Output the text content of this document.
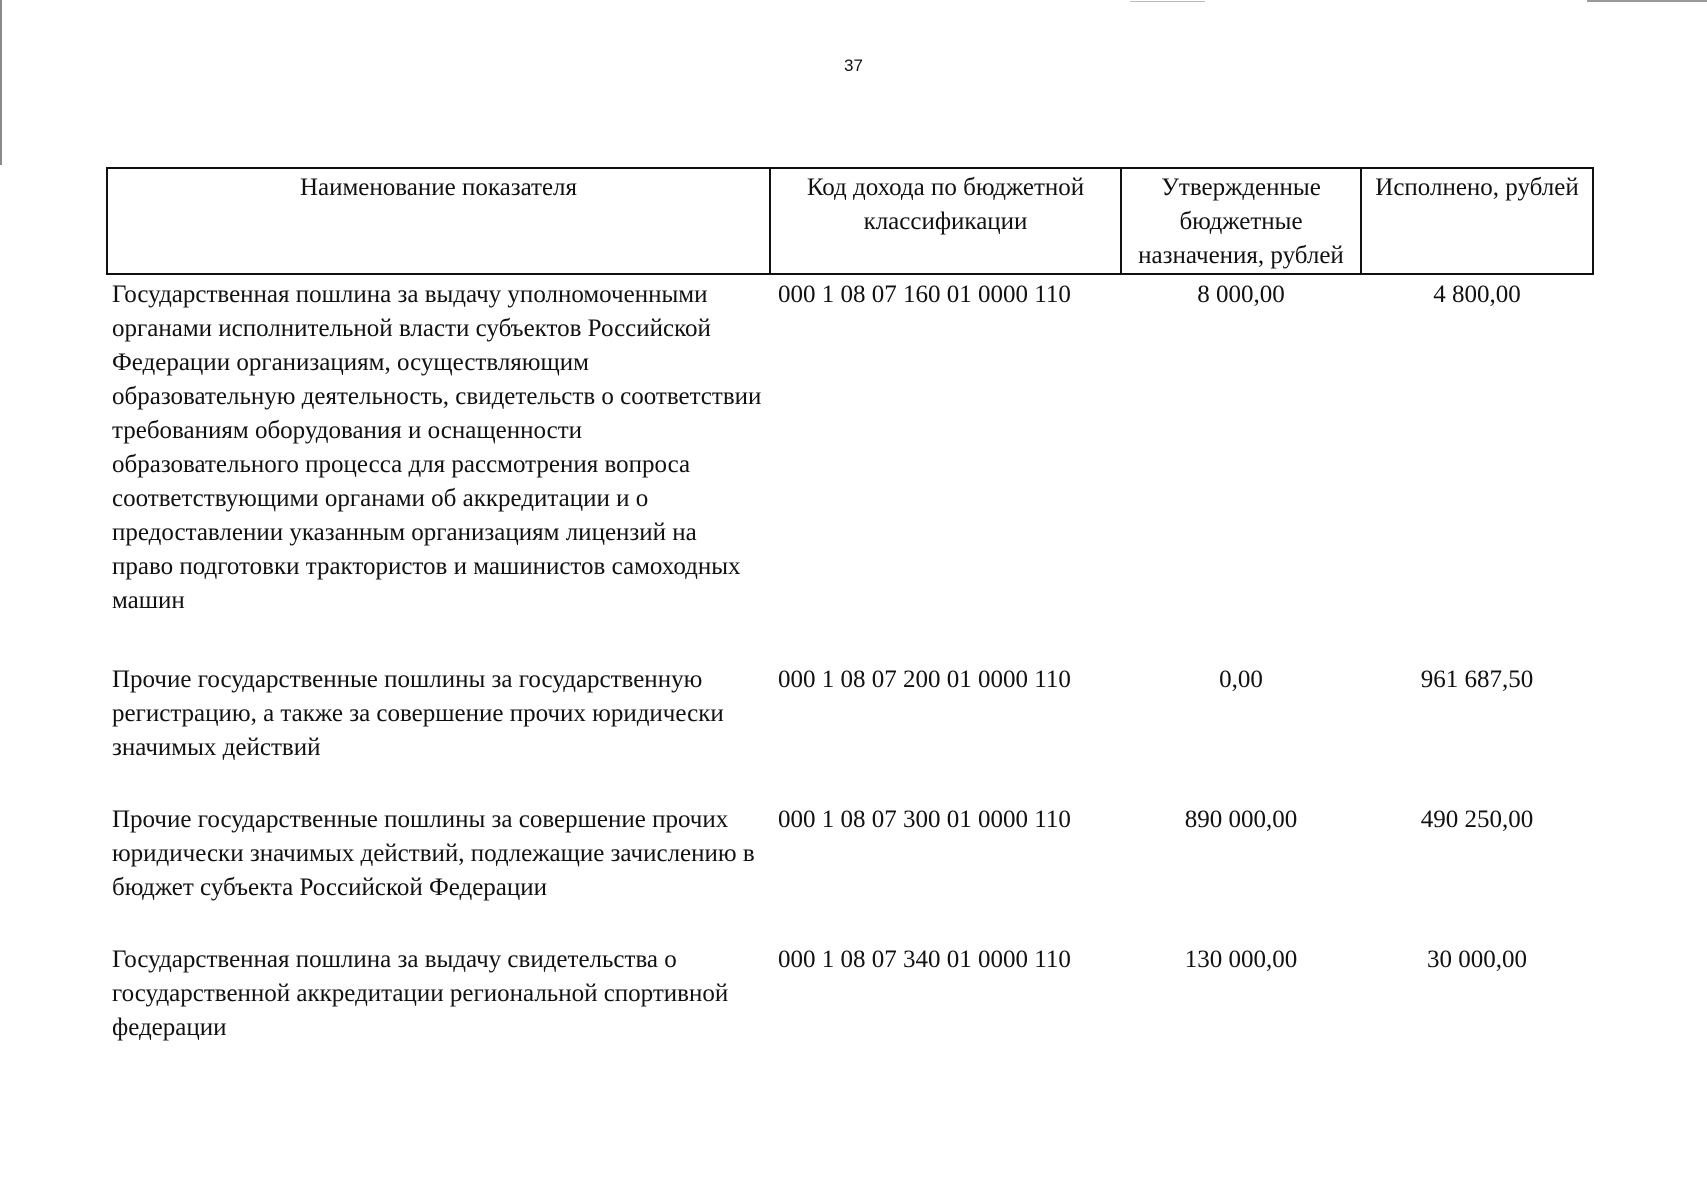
37
Наименование показателя	Код дохода по бюджетной классификации	Утвержденные бюджетные назначения, рублей	Исполнено, рублей
Государственная пошлина за выдачу уполномоченными органами исполнительной власти субъектов Российской Федерации организациям, осуществляющим образовательную деятельность, свидетельств о соответствии требованиям оборудования и оснащенности образовательного процесса для рассмотрения вопроса соответствующими органами об аккредитации и о предоставлении указанным организациям лицензий на право подготовки трактористов и машинистов самоходных машин	000 1 08 07 160 01 0000 110	8 000,00	4 800,00
Прочие государственные пошлины за государственную регистрацию, а также за совершение прочих юридически значимых действий	000 1 08 07 200 01 0000 110	0,00	961 687,50
Прочие государственные пошлины за совершение прочих юридически значимых действий, подлежащие зачислению в бюджет субъекта Российской Федерации	000 1 08 07 300 01 0000 110	890 000,00	490 250,00
Государственная пошлина за выдачу свидетельства о государственной аккредитации региональной спортивной федерации	000 1 08 07 340 01 0000 110	130 000,00	30 000,00
